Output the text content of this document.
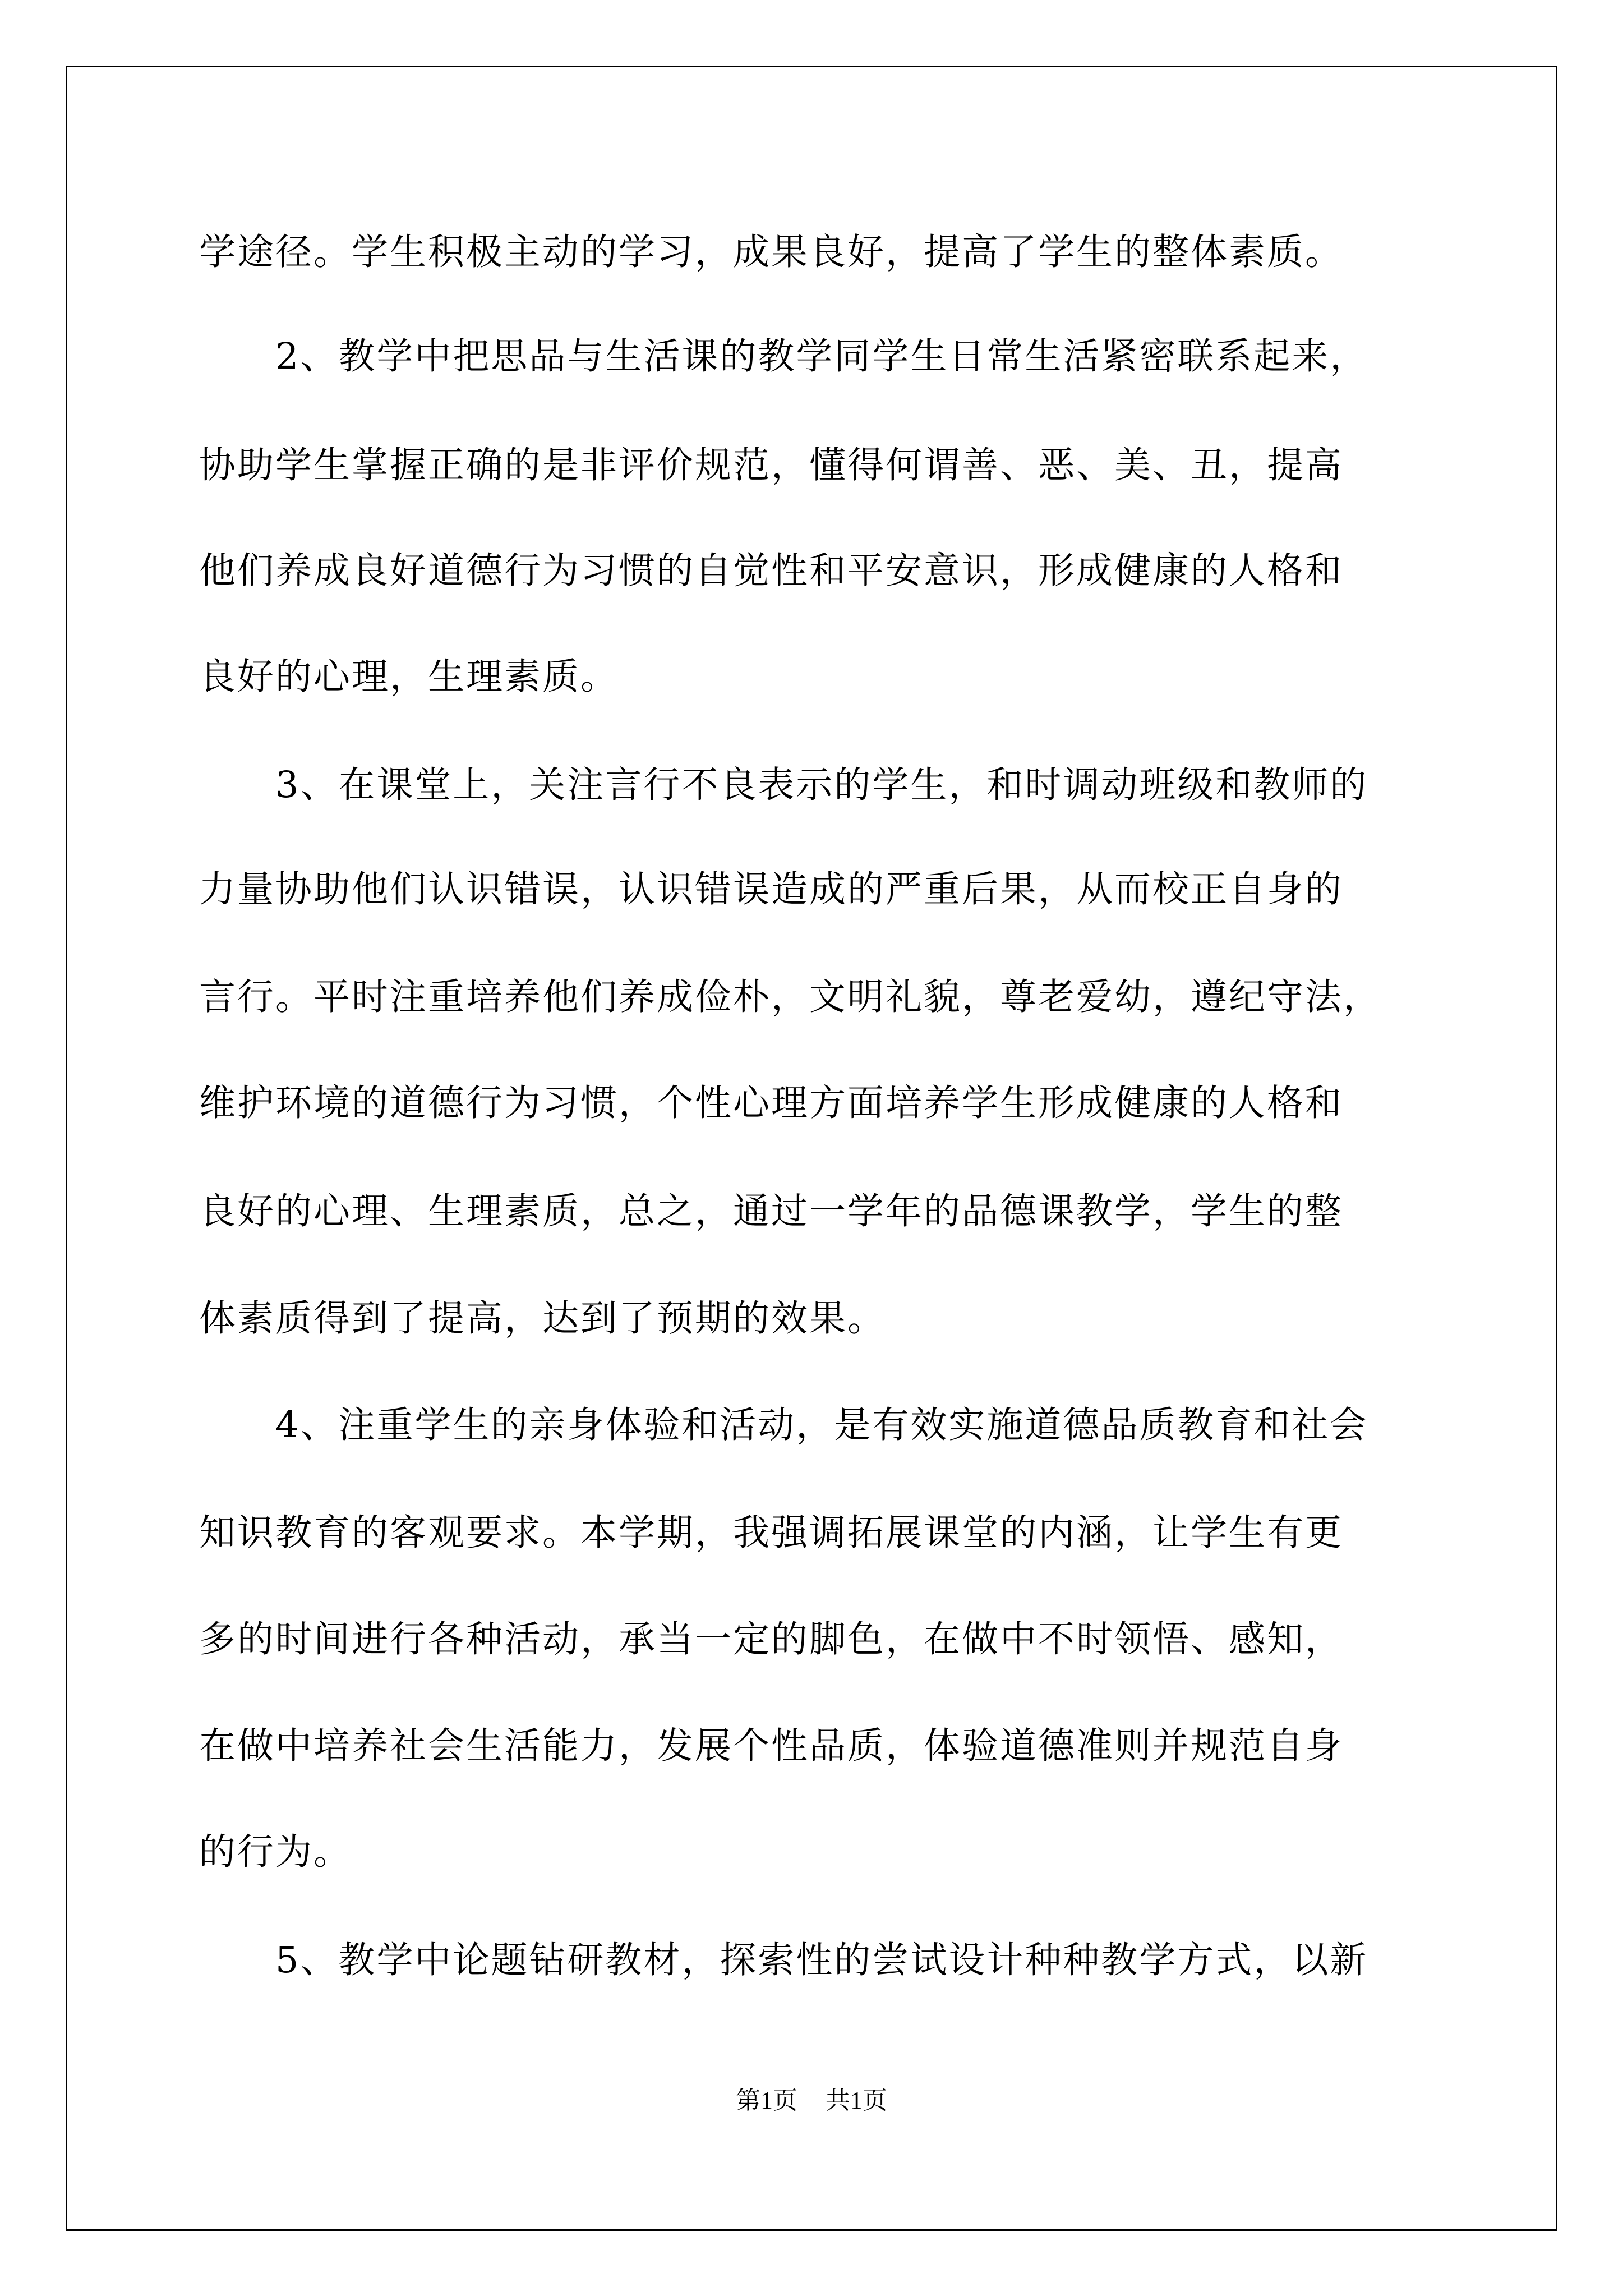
学途径。学生积极主动的学习，成果良好，提高了学生的整体素质。
　　2、教学中把思品与生活课的教学同学生日常生活紧密联系起来，
协助学生掌握正确的是非评价规范，懂得何谓善、恶、美、丑，提高
他们养成良好道德行为习惯的自觉性和平安意识，形成健康的人格和
良好的心理，生理素质。
　　3、在课堂上，关注言行不良表示的学生，和时调动班级和教师的
力量协助他们认识错误，认识错误造成的严重后果，从而校正自身的
言行。平时注重培养他们养成俭朴，文明礼貌，尊老爱幼，遵纪守法，
维护环境的道德行为习惯，个性心理方面培养学生形成健康的人格和
良好的心理、生理素质，总之，通过一学年的品德课教学，学生的整
体素质得到了提高，达到了预期的效果。
　　4、注重学生的亲身体验和活动，是有效实施道德品质教育和社会
知识教育的客观要求。本学期，我强调拓展课堂的内涵，让学生有更
多的时间进行各种活动，承当一定的脚色，在做中不时领悟、感知，
在做中培养社会生活能力，发展个性品质，体验道德准则并规范自身
的行为。
　　5、教学中论题钻研教材，探索性的尝试设计种种教学方式，以新
第1页 共1页
